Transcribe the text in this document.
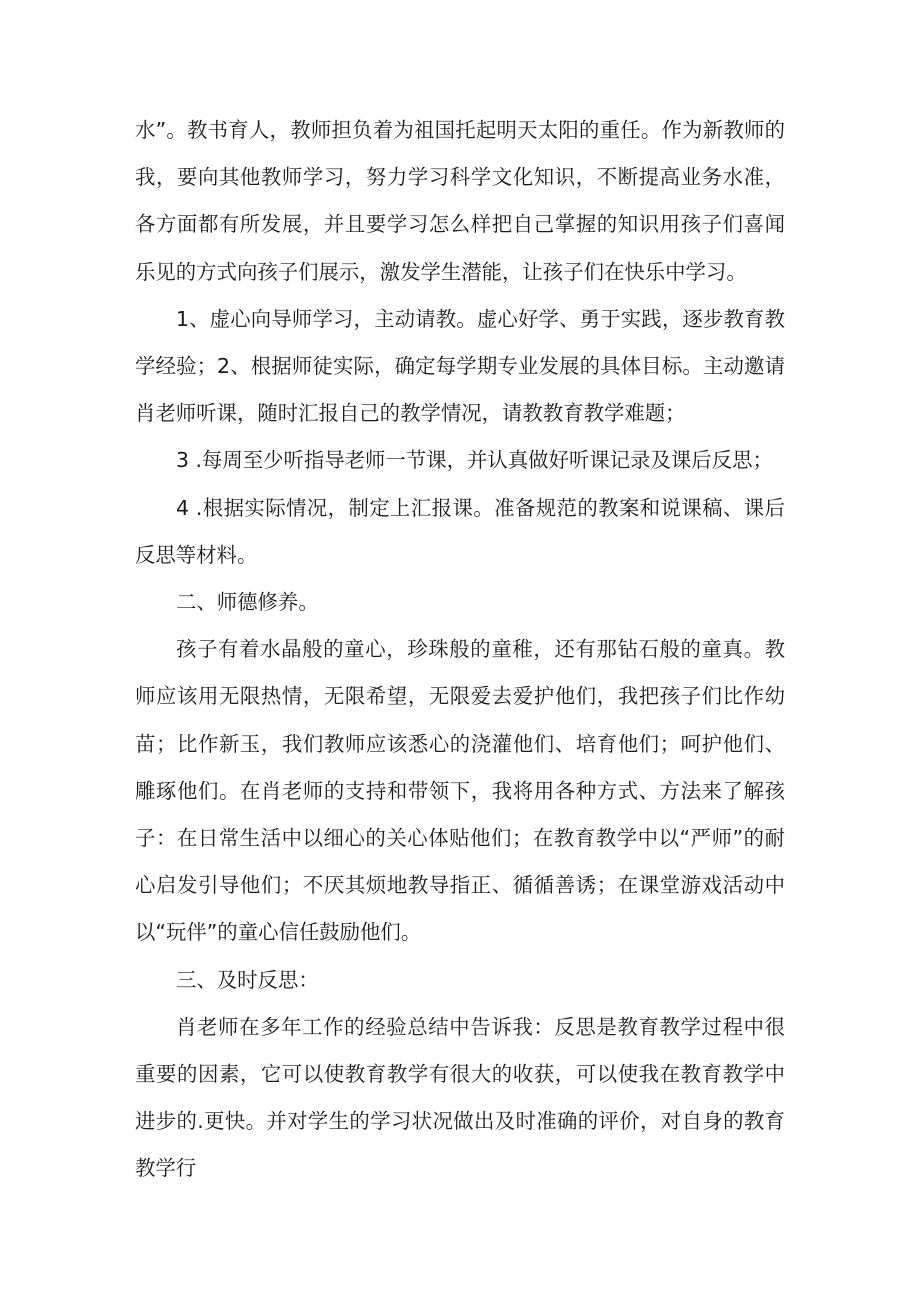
水”。教书育人，教师担负着为祖国托起明天太阳的重任。作为新教师的我，要向其他教师学习，努力学习科学文化知识，不断提高业务水准，各方面都有所发展，并且要学习怎么样把自己掌握的知识用孩子们喜闻乐见的方式向孩子们展示，激发学生潜能，让孩子们在快乐中学习。

1、虚心向导师学习，主动请教。虚心好学、勇于实践，逐步教育教学经验；2、根据师徒实际，确定每学期专业发展的具体目标。主动邀请肖老师听课，随时汇报自己的教学情况，请教教育教学难题；

3 .每周至少听指导老师一节课，并认真做好听课记录及课后反思；

4 .根据实际情况，制定上汇报课。准备规范的教案和说课稿、课后反思等材料。

二、师德修养。

孩子有着水晶般的童心，珍珠般的童稚，还有那钻石般的童真。教师应该用无限热情，无限希望，无限爱去爱护他们，我把孩子们比作幼苗；比作新玉，我们教师应该悉心的浇灌他们、培育他们；呵护他们、雕琢他们。在肖老师的支持和带领下，我将用各种方式、方法来了解孩子：在日常生活中以细心的关心体贴他们；在教育教学中以“严师”的耐心启发引导他们；不厌其烦地教导指正、循循善诱；在课堂游戏活动中以“玩伴”的童心信任鼓励他们。

三、及时反思：

肖老师在多年工作的经验总结中告诉我：反思是教育教学过程中很重要的因素，它可以使教育教学有很大的收获，可以使我在教育教学中进步的.更快。并对学生的学习状况做出及时准确的评价，对自身的教育教学行
